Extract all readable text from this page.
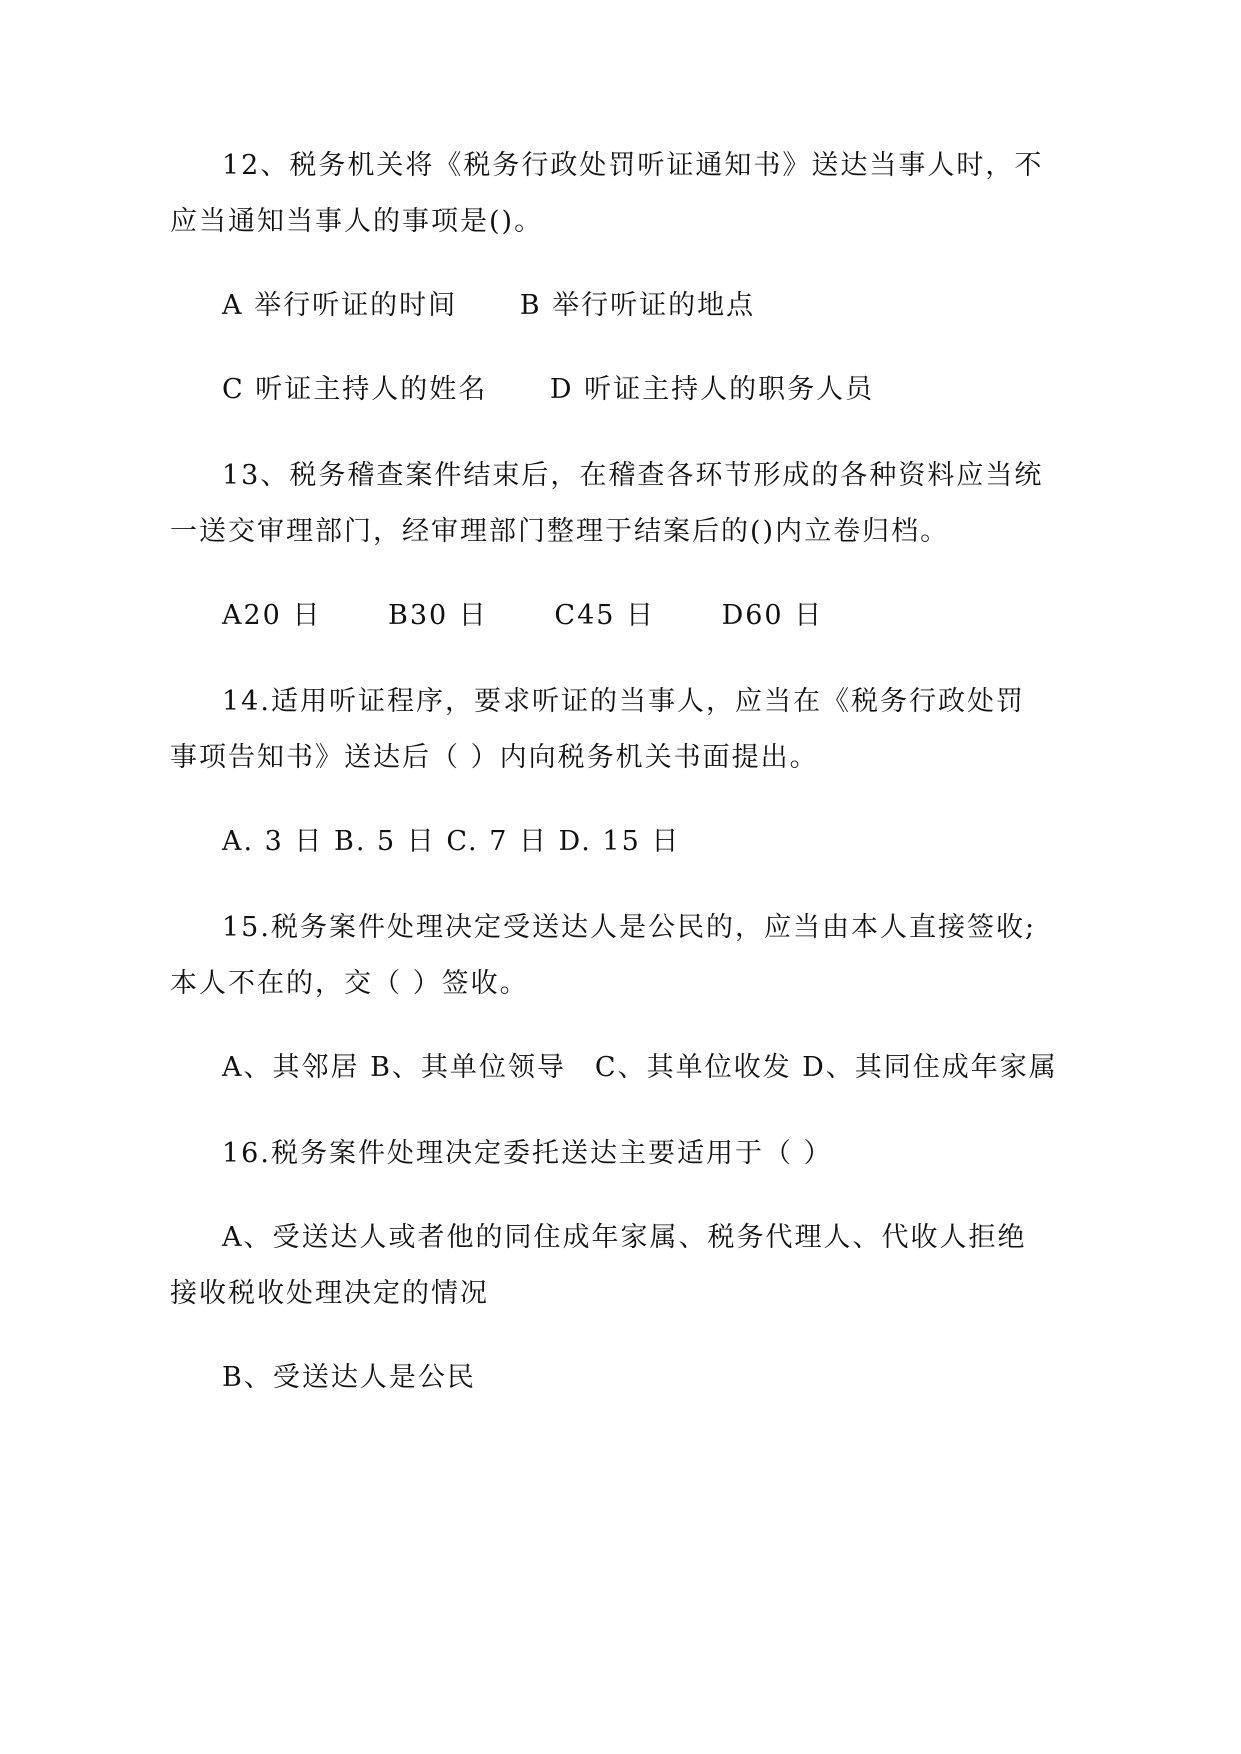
12、税务机关将《税务行政处罚听证通知书》送达当事人时，不
应当通知当事人的事项是()。
A 举行听证的时间 B 举行听证的地点
C 听证主持人的姓名 D 听证主持人的职务人员
13、税务稽查案件结束后，在稽查各环节形成的各种资料应当统
一送交审理部门，经审理部门整理于结案后的()内立卷归档。
A20 日 B30 日 C45 日 D60 日
14.适用听证程序，要求听证的当事人，应当在《税务行政处罚
事项告知书》送达后（ ）内向税务机关书面提出。
A. 3 日 B. 5 日 C. 7 日 D. 15 日
15.税务案件处理决定受送达人是公民的，应当由本人直接签收;
本人不在的，交（ ）签收。
A、其邻居 B、其单位领导　C、其单位收发 D、其同住成年家属
16.税务案件处理决定委托送达主要适用于（ ）
A、受送达人或者他的同住成年家属、税务代理人、代收人拒绝
接收税收处理决定的情况
B、受送达人是公民
